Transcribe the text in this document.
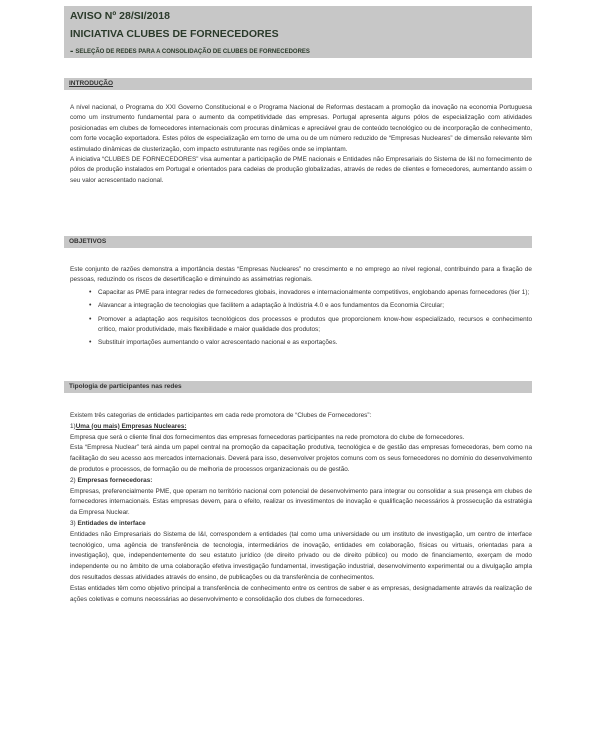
AVISO Nº 28/SI/2018
INICIATIVA CLUBES DE FORNECEDORES
- SELEÇÃO DE REDES PARA A CONSOLIDAÇÃO DE CLUBES DE FORNECEDORES
INTRODUÇÃO

A nível nacional, o Programa do XXI Governo Constitucional e o Programa Nacional de Reformas destacam a promoção da inovação na economia Portuguesa como um instrumento fundamental para o aumento da competitividade das empresas. Portugal apresenta alguns pólos de especialização com atividades posicionadas em clubes de fornecedores internacionais com procuras dinâmicas e apreciável grau de conteúdo tecnológico ou de incorporação de conhecimento, com forte vocação exportadora. Estes pólos de especialização em torno de uma ou de um número reduzido de “Empresas Nucleares” de dimensão relevante têm estimulado dinâmicas de clusterização, com impacto estruturante nas regiões onde se implantam.

A iniciativa “CLUBES DE FORNECEDORES” visa aumentar a participação de PME nacionais e Entidades não Empresariais do Sistema de I&I no fornecimento de pólos de produção instalados em Portugal e orientados para cadeias de produção globalizadas, através de redes de clientes e fornecedores, aumentando assim o seu valor acrescentado nacional.

OBJETIVOS

Este conjunto de razões demonstra a importância destas “Empresas Nucleares” no crescimento e no emprego ao nível regional, contribuindo para a fixação de pessoas, reduzindo os riscos de desertificação e diminuindo as assimetrias regionais.

• Capacitar as PME para integrar redes de fornecedores globais, inovadores e internacionalmente competitivos, englobando apenas fornecedores (tier 1);
• Alavancar a integração de tecnologias que facilitem a adaptação à Indústria 4.0 e aos fundamentos da Economia Circular;
• Promover a adaptação aos requisitos tecnológicos dos processos e produtos que proporcionem know-how especializado, recursos e conhecimento crítico, maior produtividade, mais flexibilidade e maior qualidade dos produtos;
• Substituir importações aumentando o valor acrescentado nacional e as exportações.
Tipologia de participantes nas redes

Existem três categorias de entidades participantes em cada rede promotora de “Clubes de Fornecedores”:

1)Uma (ou mais) Empresas Nucleares:

Empresa que será o cliente final dos fornecimentos das empresas fornecedoras participantes na rede promotora do clube de fornecedores.

Esta “Empresa Nuclear” terá ainda um papel central na promoção da capacitação produtiva, tecnológica e de gestão das empresas fornecedoras, bem como na facilitação do seu acesso aos mercados internacionais. Deverá para isso, desenvolver projetos comuns com os seus fornecedores no domínio do desenvolvimento de produtos e processos, de formação ou de melhoria de processos organizacionais ou de gestão.

2) Empresas fornecedoras:

Empresas, preferencialmente PME, que operam no território nacional com potencial de desenvolvimento para integrar ou consolidar a sua presença em clubes de fornecedores internacionais. Estas empresas devem, para o efeito, realizar os investimentos de inovação e qualificação necessários à prossecução da estratégia da Empresa Nuclear.

3) Entidades de interface

Entidades não Empresariais do Sistema de I&I, correspondem a entidades (tal como uma universidade ou um instituto de investigação, um centro de interface tecnológico, uma agência de transferência de tecnologia, intermediários de inovação, entidades em colaboração, físicas ou virtuais, orientadas para a investigação), que, independentemente do seu estatuto jurídico (de direito privado ou de direito público) ou modo de financiamento, exerçam de modo independente ou no âmbito de uma colaboração efetiva investigação fundamental, investigação industrial, desenvolvimento experimental ou a divulgação ampla dos resultados dessas atividades através do ensino, de publicações ou da transferência de conhecimentos.

Estas entidades têm como objetivo principal a transferência de conhecimento entre os centros de saber e as empresas, designadamente através da realização de ações coletivas e comuns necessárias ao desenvolvimento e consolidação dos clubes de fornecedores.
